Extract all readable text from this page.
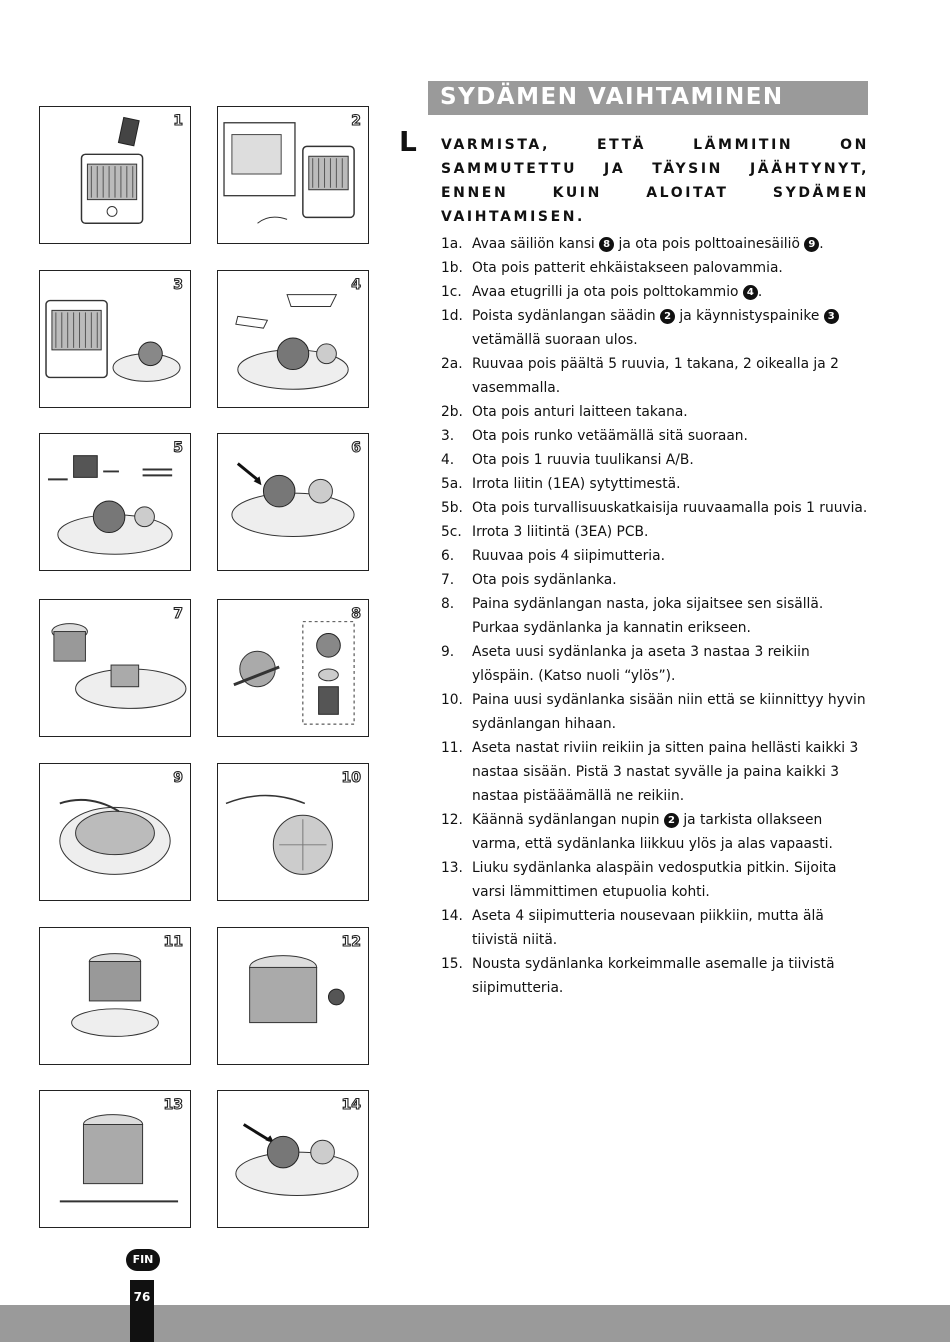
1	2
3	4
5	6
7	8
9	10
11	12
13	14
SYDÄMEN VAIHTAMINEN
L VARMISTA, ETTÄ LÄMMITIN ON SAMMUTETTU JA TÄYSIN JÄÄHTYNYT, ENNEN KUIN ALOITAT SYDÄMEN VAIHTAMISEN.
1a. Avaa säiliön kansi 8 ja ota pois polttoainesäiliö 9 .
1b. Ota pois patterit ehkäistakseen palovammia.
1c. Avaa etugrilli ja ota pois polttokammio 4 .
1d. Poista sydänlangan säädin 2 ja käynnistyspainike 3 vetämällä suoraan ulos.
2a. Ruuvaa pois päältä 5 ruuvia, 1 takana, 2 oikealla ja 2 vasemmalla.
2b. Ota pois anturi laitteen takana.
3. Ota pois runko vetäämällä sitä suoraan.
4. Ota pois 1 ruuvia tuulikansi A/B.
5a. Irrota liitin (1EA) sytyttimestä.
5b. Ota pois turvallisuuskatkaisija ruuvaamalla pois 1 ruuvia.
5c. Irrota 3 liitintä (3EA) PCB.
6. Ruuvaa pois 4 siipimutteria.
7. Ota pois sydänlanka.
8. Paina sydänlangan nasta, joka sijaitsee sen sisällä. Purkaa sydänlanka ja kannatin erikseen.
9. Aseta uusi sydänlanka ja aseta 3 nastaa 3 reikiin ylöspäin. (Katso nuoli “ylös”).
10. Paina uusi sydänlanka sisään niin että se kiinnittyy hyvin sydänlangan hihaan.
11. Aseta nastat riviin reikiin ja sitten paina hellästi kaikki 3 nastaa sisään. Pistä 3 nastat syvälle ja paina kaikki 3 nastaa pistääämällä ne reikiin.
12. Käännä sydänlangan nupin 2 ja tarkista ollakseen varma, että sydänlanka liikkuu ylös ja alas vapaasti.
13. Liuku sydänlanka alaspäin vedosputkia pitkin. Sijoita varsi lämmittimen etupuolia kohti.
14. Aseta 4 siipimutteria nousevaan piikkiin, mutta älä tiivistä niitä.
15. Nousta sydänlanka korkeimmalle asemalle ja tiivistä siipimutteria.
FIN
76
